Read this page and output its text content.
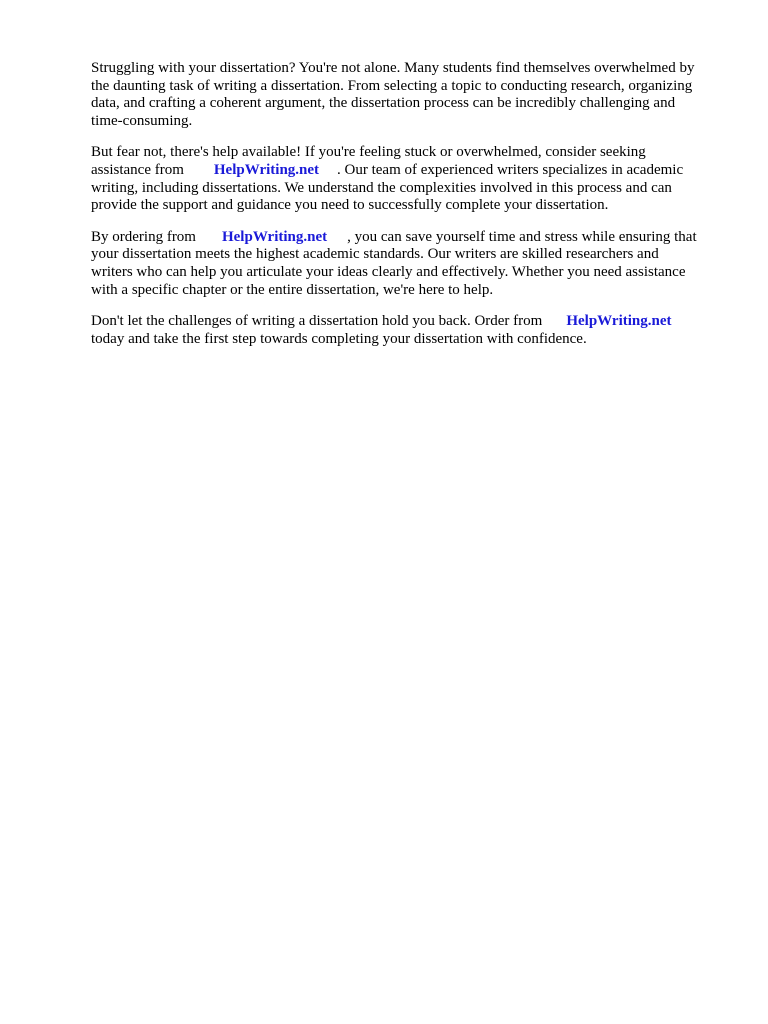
Struggling with your dissertation? You're not alone. Many students find themselves overwhelmed by
the daunting task of writing a dissertation. From selecting a topic to conducting research, organizing
data, and crafting a coherent argument, the dissertation process can be incredibly challenging and
time-consuming.

But fear not, there's help available! If you're feeling stuck or overwhelmed, consider seeking
assistance from HelpWriting.net . Our team of experienced writers specializes in academic
writing, including dissertations. We understand the complexities involved in this process and can
provide the support and guidance you need to successfully complete your dissertation.

By ordering from HelpWriting.net , you can save yourself time and stress while ensuring that
your dissertation meets the highest academic standards. Our writers are skilled researchers and
writers who can help you articulate your ideas clearly and effectively. Whether you need assistance
with a specific chapter or the entire dissertation, we're here to help.

Don't let the challenges of writing a dissertation hold you back. Order from HelpWriting.net
today and take the first step towards completing your dissertation with confidence.
